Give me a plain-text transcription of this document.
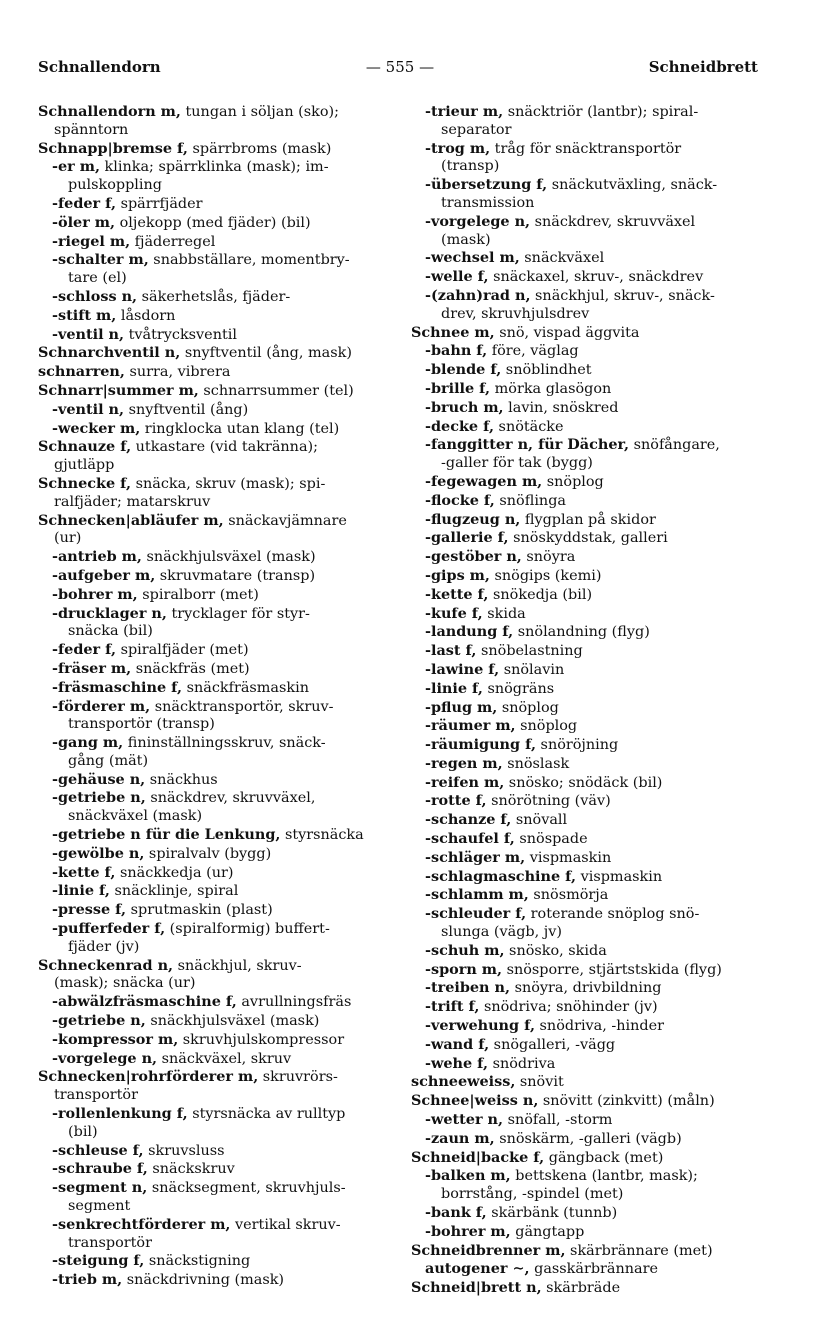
Schnallendorn	— 555 —	Schneidbrett

Schnallendorn m, tungan i söljan (sko);
spänntorn

Schnapp|bremse f, spärrbroms (mask)

-er m, klinka; spärrklinka (mask); im-
pulskoppling

-feder f, spärrfjäder

-öler m, oljekopp (med fjäder) (bil)

-riegel m, fjäderregel

-schalter m, snabbställare, momentbry-
tare (el)

-schloss n, säkerhetslås, fjäder-

-stift m, låsdorn

-ventil n, tvåtrycksventil

Schnarchventil n, snyftventil (ång, mask)

schnarren, surra, vibrera

Schnarr|summer m, schnarrsummer (tel)

-ventil n, snyftventil (ång)

-wecker m, ringklocka utan klang (tel)

Schnauze f, utkastare (vid takränna);
gjutläpp

Schnecke f, snäcka, skruv (mask); spi-
ralfjäder; matarskruv

Schnecken|abläufer m, snäckavjämnare
(ur)

-antrieb m, snäckhjulsväxel (mask)

-aufgeber m, skruvmatare (transp)

-bohrer m, spiralborr (met)

-drucklager n, trycklager för styr-
snäcka (bil)

-feder f, spiralfjäder (met)

-fräser m, snäckfräs (met)

-fräsmaschine f, snäckfräsmaskin

-förderer m, snäcktransportör, skruv-
transportör (transp)

-gang m, fininställningsskruv, snäck-
gång (mät)

-gehäuse n, snäckhus

-getriebe n, snäckdrev, skruvväxel,
snäckväxel (mask)

-getriebe n für die Lenkung, styrsnäcka

-gewölbe n, spiralvalv (bygg)

-kette f, snäckkedja (ur)

-linie f, snäcklinje, spiral

-presse f, sprutmaskin (plast)

-pufferfeder f, (spiralformig) buffert-
fjäder (jv)

Schneckenrad n, snäckhjul, skruv-
(mask); snäcka (ur)

-abwälzfräsmaschine f, avrullningsfräs

-getriebe n, snäckhjulsväxel (mask)

-kompressor m, skruvhjulskompressor

-vorgelege n, snäckväxel, skruv

Schnecken|rohrförderer m, skruvrörs-
transportör

-rollenlenkung f, styrsnäcka av rulltyp
(bil)

-schleuse f, skruvsluss

-schraube f, snäckskruv

-segment n, snäcksegment, skruvhjuls-
segment

-senkrechtförderer m, vertikal skruv-
transportör

-steigung f, snäckstigning

-trieb m, snäckdrivning (mask)

-trieur m, snäcktriör (lantbr); spiral-
separator

-trog m, tråg för snäcktransportör
(transp)

-übersetzung f, snäckutväxling, snäck-
transmission

-vorgelege n, snäckdrev, skruvväxel
(mask)

-wechsel m, snäckväxel

-welle f, snäckaxel, skruv-, snäckdrev

-(zahn)rad n, snäckhjul, skruv-, snäck-
drev, skruvhjulsdrev

Schnee m, snö, vispad äggvita

-bahn f, före, väglag

-blende f, snöblindhet

-brille f, mörka glasögon

-bruch m, lavin, snöskred

-decke f, snötäcke

-fanggitter n, für Dächer, snöfångare,
-galler för tak (bygg)

-fegewagen m, snöplog

-flocke f, snöflinga

-flugzeug n, flygplan på skidor

-gallerie f, snöskyddstak, galleri

-gestöber n, snöyra

-gips m, snögips (kemi)

-kette f, snökedja (bil)

-kufe f, skida

-landung f, snölandning (flyg)

-last f, snöbelastning

-lawine f, snölavin

-linie f, snögräns

-pflug m, snöplog

-räumer m, snöplog

-räumigung f, snöröjning

-regen m, snöslask

-reifen m, snösko; snödäck (bil)

-rotte f, snörötning (väv)

-schanze f, snövall

-schaufel f, snöspade

-schläger m, vispmaskin

-schlagmaschine f, vispmaskin

-schlamm m, snösmörja

-schleuder f, roterande snöplog snö-
slunga (vägb, jv)

-schuh m, snösko, skida

-sporn m, snösporre, stjärtstskida (flyg)

-treiben n, snöyra, drivbildning

-trift f, snödriva; snöhinder (jv)

-verwehung f, snödriva, -hinder

-wand f, snögalleri, -vägg

-wehe f, snödriva

schneeweiss, snövit

Schnee|weiss n, snövitt (zinkvitt) (måln)

-wetter n, snöfall, -storm

-zaun m, snöskärm, -galleri (vägb)

Schneid|backe f, gängback (met)

-balken m, bettskena (lantbr, mask);
borrstång, -spindel (met)

-bank f, skärbänk (tunnb)

-bohrer m, gängtapp

Schneidbrenner m, skärbrännare (met)

autogener ∼, gasskärbrännare

Schneid|brett n, skärbräde
